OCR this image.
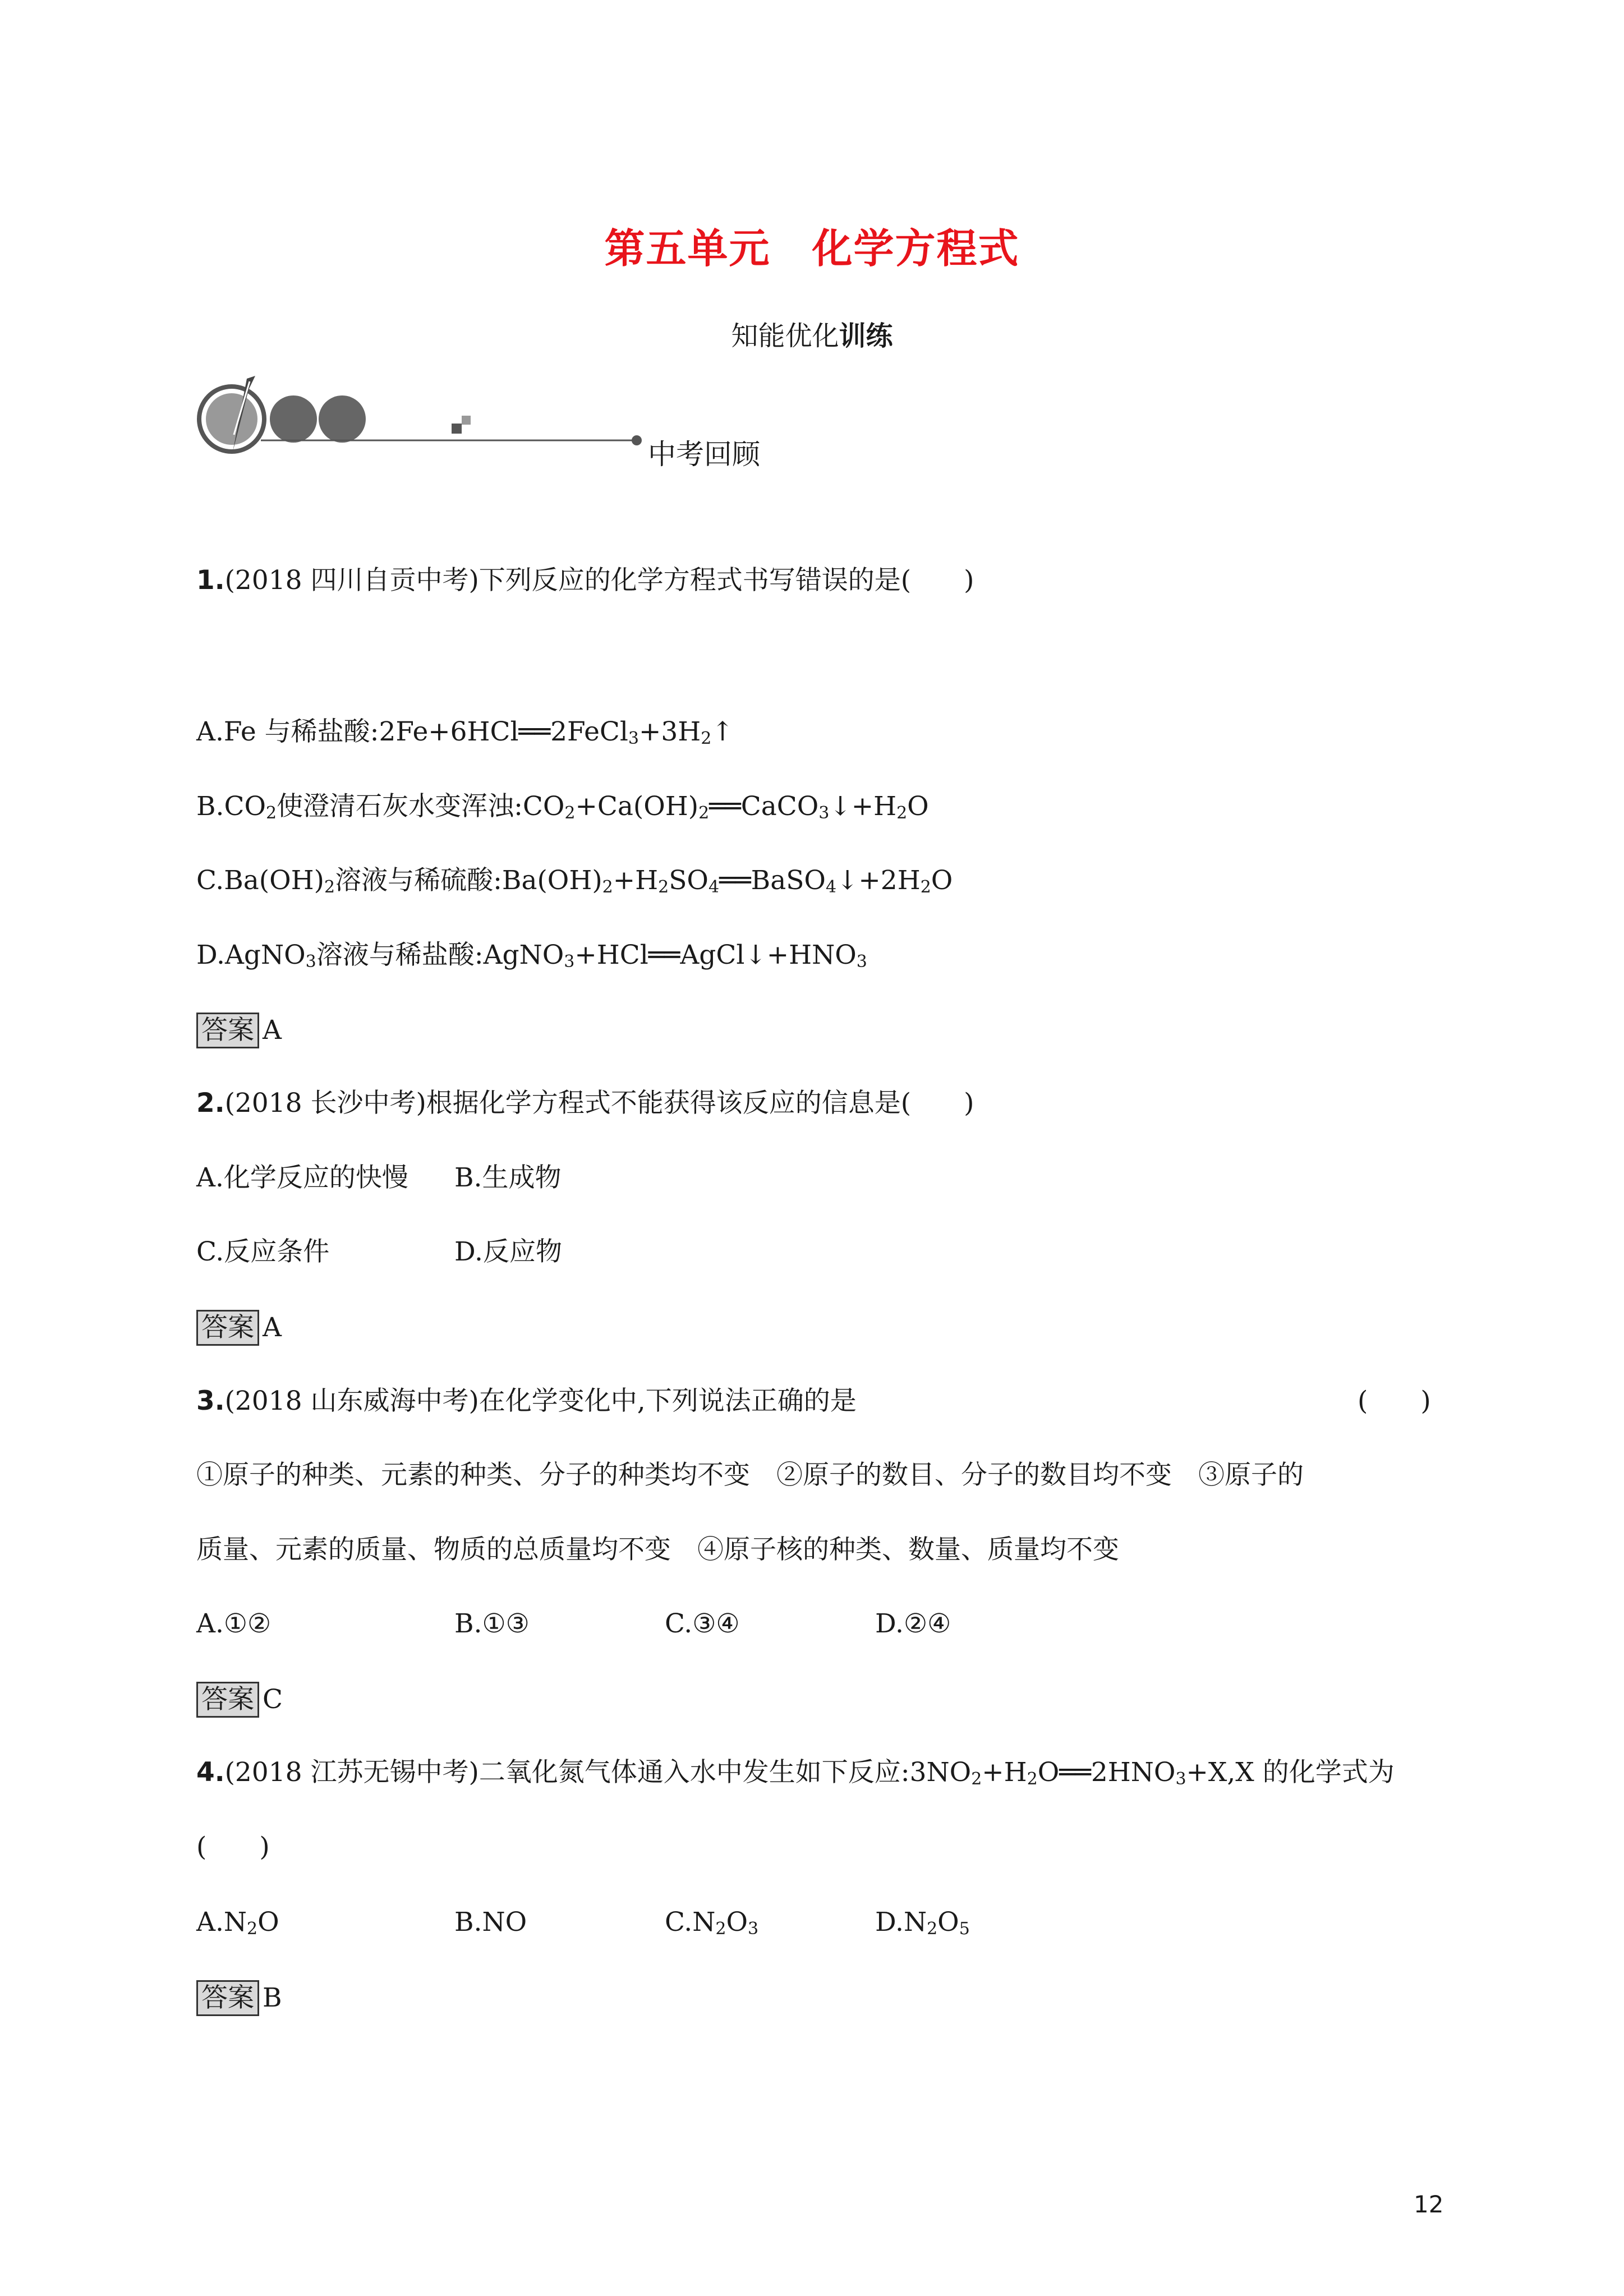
第五单元　化学方程式
知能优化训练
中考回顾
1.(2018 四川自贡中考)下列反应的化学方程式书写错误的是(　　)
A.Fe 与稀盐酸$:2Fe+6HCl══2FeCl_3+3H_2↑$
$B.CO_2$使澄清石灰水变浑浊$:CO_2+Ca(OH)_2══CaCO_3↓+H_2O$
$C.Ba(OH)_2$溶液与稀硫酸$:Ba(OH)_2+H_2SO_4══BaSO_4↓+2H_2O$
D.AgNO$_3$溶液与稀盐酸$:AgNO_3+HCl══AgCl↓+HNO_3$
答案 A
2.(2018 长沙中考)根据化学方程式不能获得该反应的信息是(　　)
A.化学反应的快慢 B.生成物
C.反应条件	D.反应物
答案 A
3.(2018 山东威海中考)在化学变化中,下列说法正确的是	(　　)
①原子的种类、元素的种类、分子的种类均不变　②原子的数目、分子的数目均不变　③原子的
质量、元素的质量、物质的总质量均不变　④原子核的种类、数量、质量均不变
A.①②	B.①③	C.③④	D.②④
答案 C
4.(2018 江苏无锡中考)二氧化氮气体通入水中发生如下反应$:3NO_2+H_2O══2HNO_3+X,X$ 的化学式为
(　　)
$A.N_2O$	B.NO	$C.N_2O_3$	$D.N_2O_5$
答案 B
12
